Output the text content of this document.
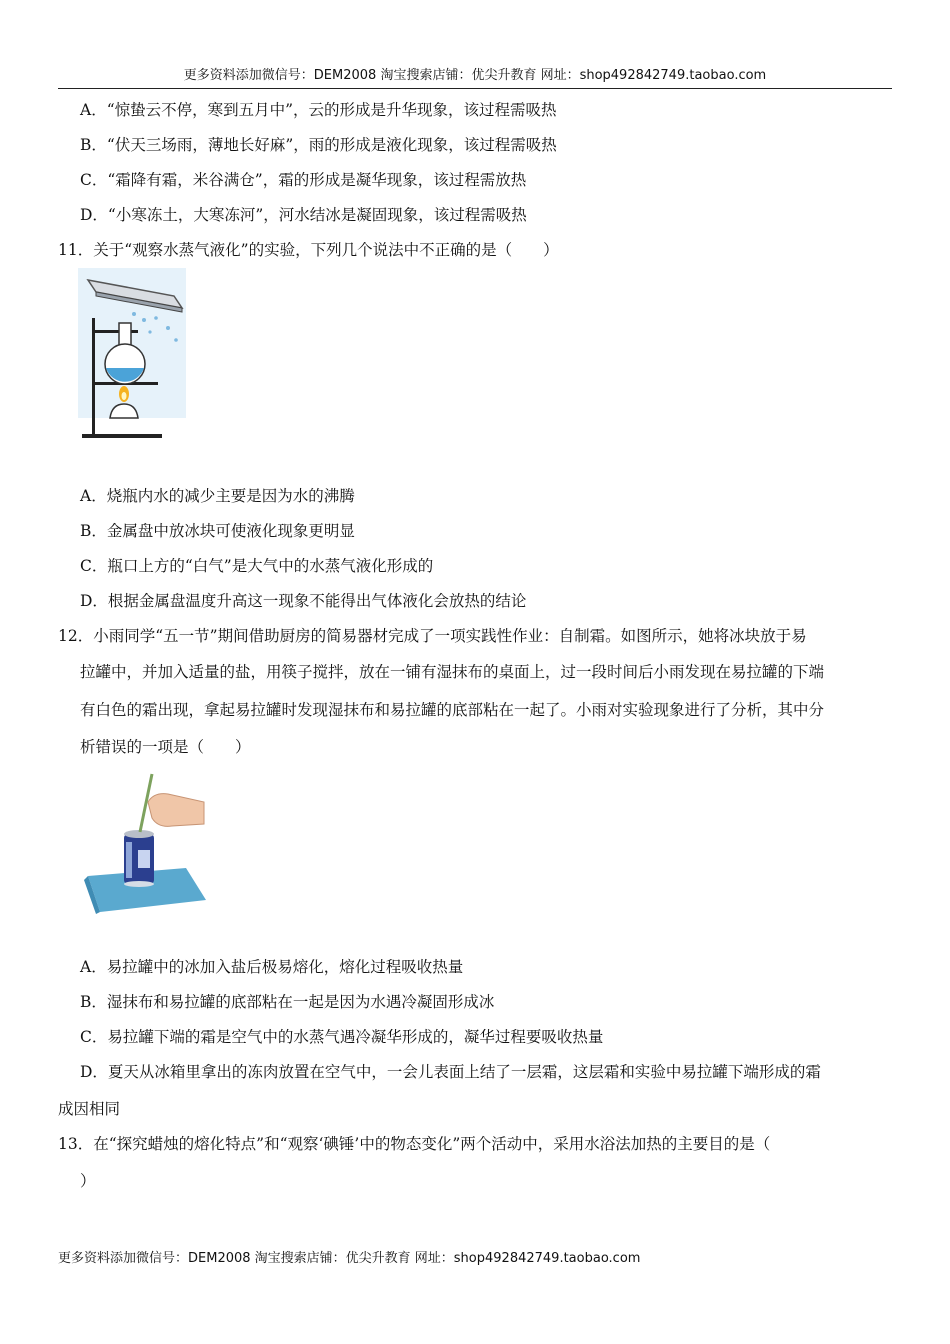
更多资料添加微信号：DEM2008 淘宝搜索店铺：优尖升教育 网址：shop492842749.taobao.com
A．“惊蛰云不停，寒到五月中”，云的形成是升华现象，该过程需吸热
B．“伏天三场雨，薄地长好麻”，雨的形成是液化现象，该过程需吸热
C．“霜降有霜，米谷满仓”，霜的形成是凝华现象，该过程需放热
D．“小寒冻土，大寒冻河”，河水结冰是凝固现象，该过程需吸热
11．关于“观察水蒸气液化”的实验，下列几个说法中不正确的是（　　）
A．烧瓶内水的减少主要是因为水的沸腾
B．金属盘中放冰块可使液化现象更明显
C．瓶口上方的“白气”是大气中的水蒸气液化形成的
D．根据金属盘温度升高这一现象不能得出气体液化会放热的结论
12．小雨同学“五一节”期间借助厨房的简易器材完成了一项实践性作业：自制霜。如图所示，她将冰块放于易
拉罐中，并加入适量的盐，用筷子搅拌，放在一铺有湿抹布的桌面上，过一段时间后小雨发现在易拉罐的下端
有白色的霜出现，拿起易拉罐时发现湿抹布和易拉罐的底部粘在一起了。小雨对实验现象进行了分析，其中分
析错误的一项是（　　）
A．易拉罐中的冰加入盐后极易熔化，熔化过程吸收热量
B．湿抹布和易拉罐的底部粘在一起是因为水遇冷凝固形成冰
C．易拉罐下端的霜是空气中的水蒸气遇冷凝华形成的，凝华过程要吸收热量
D．夏天从冰箱里拿出的冻肉放置在空气中，一会儿表面上结了一层霜，这层霜和实验中易拉罐下端形成的霜
成因相同
13．在“探究蜡烛的熔化特点”和“观察‘碘锤’中的物态变化”两个活动中，采用水浴法加热的主要目的是（
）
更多资料添加微信号：DEM2008 淘宝搜索店铺：优尖升教育 网址：shop492842749.taobao.com
